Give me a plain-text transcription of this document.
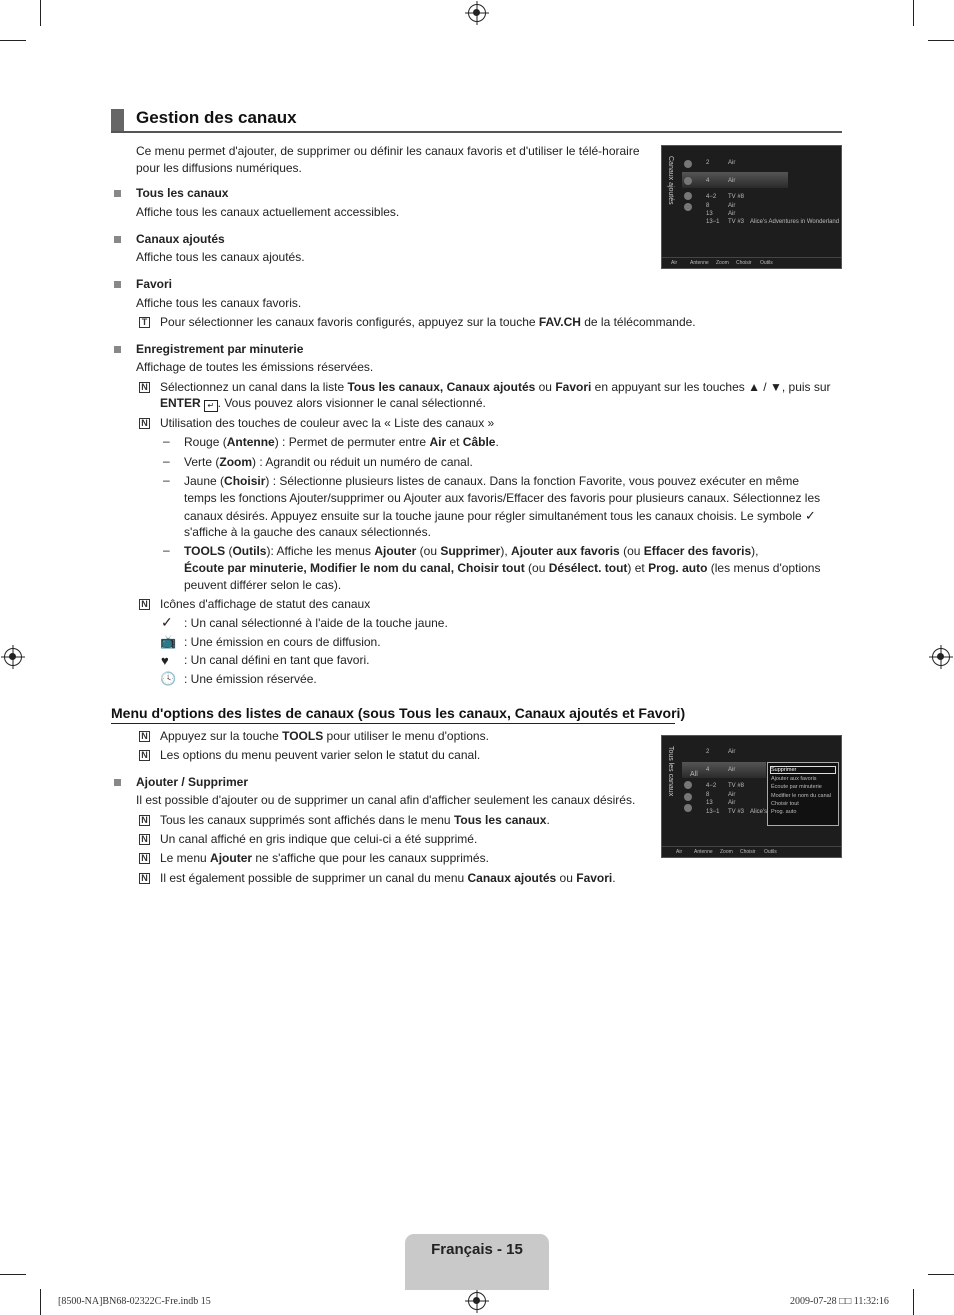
Gestion des canaux
Ce menu permet d'ajouter, de supprimer ou définir les canaux favoris et d'utiliser le télé-horaire pour les diffusions numériques.
Tous les canaux
Affiche tous les canaux actuellement accessibles.
Canaux ajoutés
Affiche tous les canaux ajoutés.
Favori
Affiche tous les canaux favoris.
T Pour sélectionner les canaux favoris configurés, appuyez sur la touche FAV.CH de la télécommande.
Enregistrement par minuterie
Affichage de toutes les émissions réservées.
N Sélectionnez un canal dans la liste Tous les canaux, Canaux ajoutés ou Favori en appuyant sur les touches ▲ / ▼, puis sur
ENTER ↵ . Vous pouvez alors visionner le canal sélectionné.
N Utilisation des touches de couleur avec la « Liste des canaux »
– Rouge (Antenne) : Permet de permuter entre Air et Câble.
– Verte (Zoom) : Agrandit ou réduit un numéro de canal.
– Jaune (Choisir) : Sélectionne plusieurs listes de canaux. Dans la fonction Favorite, vous pouvez exécuter en même
temps les fonctions Ajouter/supprimer ou Ajouter aux favoris/Effacer des favoris pour plusieurs canaux. Sélectionnez les
canaux désirés. Appuyez ensuite sur la touche jaune pour régler simultanément tous les canaux choisis. Le symbole ✓
s'affiche à la gauche des canaux sélectionnés.
– TOOLS (Outils): Affiche les menus Ajouter (ou Supprimer), Ajouter aux favoris (ou Effacer des favoris),
Écoute par minuterie, Modifier le nom du canal, Choisir tout (ou Désélect. tout) et Prog. auto (les menus d'options
peuvent différer selon le cas).
N Icônes d'affichage de statut des canaux
✓ : Un canal sélectionné à l'aide de la touche jaune.
📺 : Une émission en cours de diffusion.
♥ : Un canal défini en tant que favori.
🕓 : Une émission réservée.
Menu d'options des listes de canaux (sous Tous les canaux, Canaux ajoutés et Favori)
N Appuyez sur la touche TOOLS pour utiliser le menu d'options.
N Les options du menu peuvent varier selon le statut du canal.
Ajouter / Supprimer
Il est possible d'ajouter ou de supprimer un canal afin d'afficher seulement les canaux désirés.
N Tous les canaux supprimés sont affichés dans le menu Tous les canaux.
N Un canal affiché en gris indique que celui-ci a été supprimé.
N Le menu Ajouter ne s'affiche que pour les canaux supprimés.
N Il est également possible de supprimer un canal du menu Canaux ajoutés ou Favori.
Canaux ajoutés	2	Air
4	Air
4−2 TV #8
8	Air
13	Air
13−1 TV #3 Alice's Adventures in Wonderland
Air	Antenne Zoom Choisir Outils
Tous les canaux All
2	Air
4	Air
4−2 TV #8
8	Air
13	Air
13−1 TV #3 Alice's
Supprimer
Ajouter aux favoris
Écoute par minuterie
Modifier le nom du canal
Choisir tout
Prog. auto
Air Antenne Zoom Choisir Outils
Français - 15
[8500-NA]BN68-02322C-Fre.indb 15	2009-07-28 □□ 11:32:16
